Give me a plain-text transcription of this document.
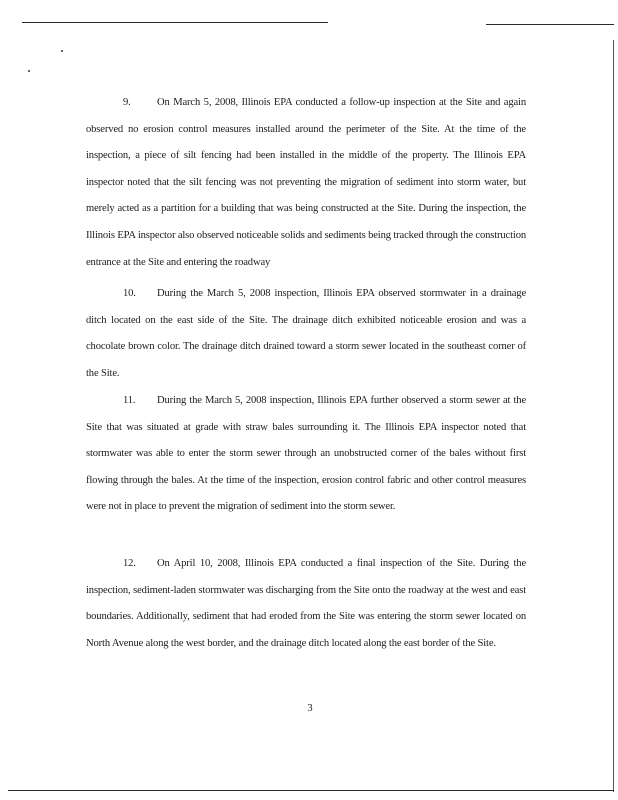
9. On March 5, 2008, Illinois EPA conducted a follow-up inspection at the Site and again observed no erosion control measures installed around the perimeter of the Site. At the time of the inspection, a piece of silt fencing had been installed in the middle of the property. The Illinois EPA inspector noted that the silt fencing was not preventing the migration of sediment into storm water, but merely acted as a partition for a building that was being constructed at the Site. During the inspection, the Illinois EPA inspector also observed noticeable solids and sediments being tracked through the construction entrance at the Site and entering the roadway

10. During the March 5, 2008 inspection, Illinois EPA observed stormwater in a drainage ditch located on the east side of the Site. The drainage ditch exhibited noticeable erosion and was a chocolate brown color. The drainage ditch drained toward a storm sewer located in the southeast corner of the Site.

11. During the March 5, 2008 inspection, Illinois EPA further observed a storm sewer at the Site that was situated at grade with straw bales surrounding it. The Illinois EPA inspector noted that stormwater was able to enter the storm sewer through an unobstructed corner of the bales without first flowing through the bales. At the time of the inspection, erosion control fabric and other control measures were not in place to prevent the migration of sediment into the storm sewer.

12. On April 10, 2008, Illinois EPA conducted a final inspection of the Site. During the inspection, sediment-laden stormwater was discharging from the Site onto the roadway at the west and east boundaries. Additionally, sediment that had eroded from the Site was entering the storm sewer located on North Avenue along the west border, and the drainage ditch located along the east border of the Site.

3
